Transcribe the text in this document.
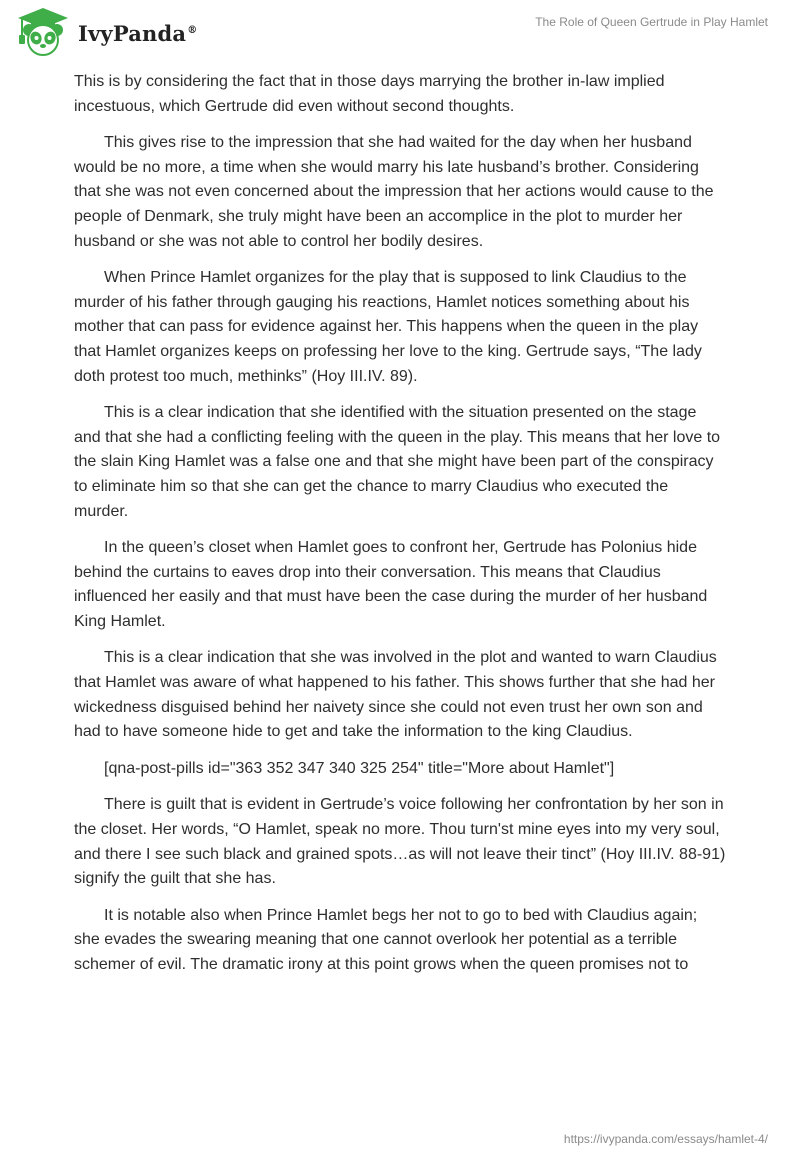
IvyPanda®
The Role of Queen Gertrude in Play Hamlet

This is by considering the fact that in those days marrying the brother in-law implied incestuous, which Gertrude did even without second thoughts.

This gives rise to the impression that she had waited for the day when her husband would be no more, a time when she would marry his late husband’s brother. Considering that she was not even concerned about the impression that her actions would cause to the people of Denmark, she truly might have been an accomplice in the plot to murder her husband or she was not able to control her bodily desires.

When Prince Hamlet organizes for the play that is supposed to link Claudius to the murder of his father through gauging his reactions, Hamlet notices something about his mother that can pass for evidence against her. This happens when the queen in the play that Hamlet organizes keeps on professing her love to the king. Gertrude says, “The lady doth protest too much, methinks” (Hoy III.IV. 89).

This is a clear indication that she identified with the situation presented on the stage and that she had a conflicting feeling with the queen in the play. This means that her love to the slain King Hamlet was a false one and that she might have been part of the conspiracy to eliminate him so that she can get the chance to marry Claudius who executed the murder.

In the queen’s closet when Hamlet goes to confront her, Gertrude has Polonius hide behind the curtains to eaves drop into their conversation. This means that Claudius influenced her easily and that must have been the case during the murder of her husband King Hamlet.

This is a clear indication that she was involved in the plot and wanted to warn Claudius that Hamlet was aware of what happened to his father. This shows further that she had her wickedness disguised behind her naivety since she could not even trust her own son and had to have someone hide to get and take the information to the king Claudius.

[qna-post-pills id="363 352 347 340 325 254" title="More about Hamlet"]

There is guilt that is evident in Gertrude’s voice following her confrontation by her son in the closet. Her words, “O Hamlet, speak no more. Thou turn'st mine eyes into my very soul, and there I see such black and grained spots…as will not leave their tinct” (Hoy III.IV. 88-91) signify the guilt that she has.

It is notable also when Prince Hamlet begs her not to go to bed with Claudius again; she evades the swearing meaning that one cannot overlook her potential as a terrible schemer of evil. The dramatic irony at this point grows when the queen promises not to

https://ivypanda.com/essays/hamlet-4/
